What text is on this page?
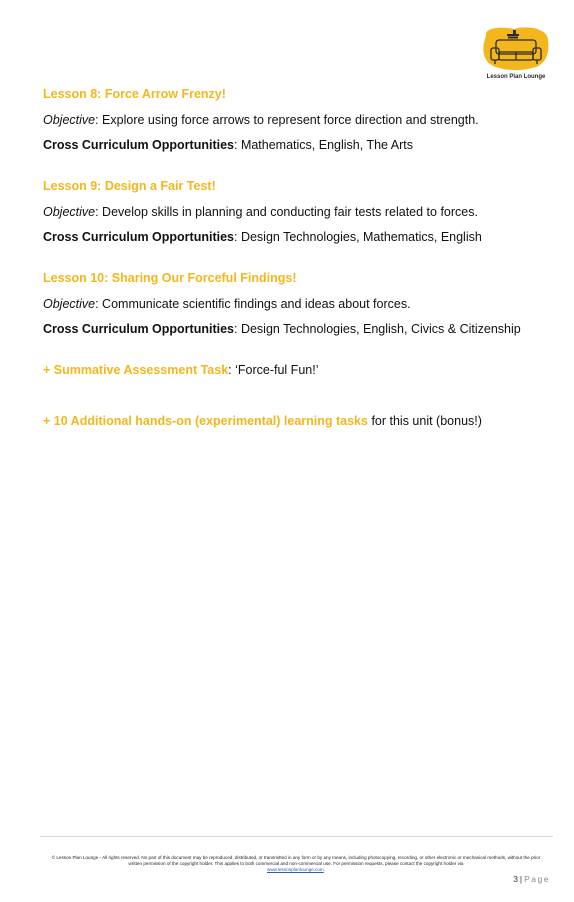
Lesson Plan Lounge

Lesson 8: Force Arrow Frenzy!

Objective: Explore using force arrows to represent force direction and strength.

Cross Curriculum Opportunities: Mathematics, English, The Arts

Lesson 9: Design a Fair Test!

Objective: Develop skills in planning and conducting fair tests related to forces.

Cross Curriculum Opportunities: Design Technologies, Mathematics, English

Lesson 10: Sharing Our Forceful Findings!

Objective: Communicate scientific findings and ideas about forces.

Cross Curriculum Opportunities: Design Technologies, English, Civics & Citizenship

+ Summative Assessment Task: ‘Force-ful Fun!’

+ 10 Additional hands-on (experimental) learning tasks for this unit (bonus!)

© Lesson Plan Lounge - All rights reserved. No part of this document may be reproduced, distributed, or transmitted in any form or by any means, including photocopying, recording, or other electronic or mechanical methods, without the prior written permission of the copyright holder. This applies to both commercial and non-commercial use. For permission requests, please contact the copyright holder via
www.lessonplanlounge.com.
3 | Page
